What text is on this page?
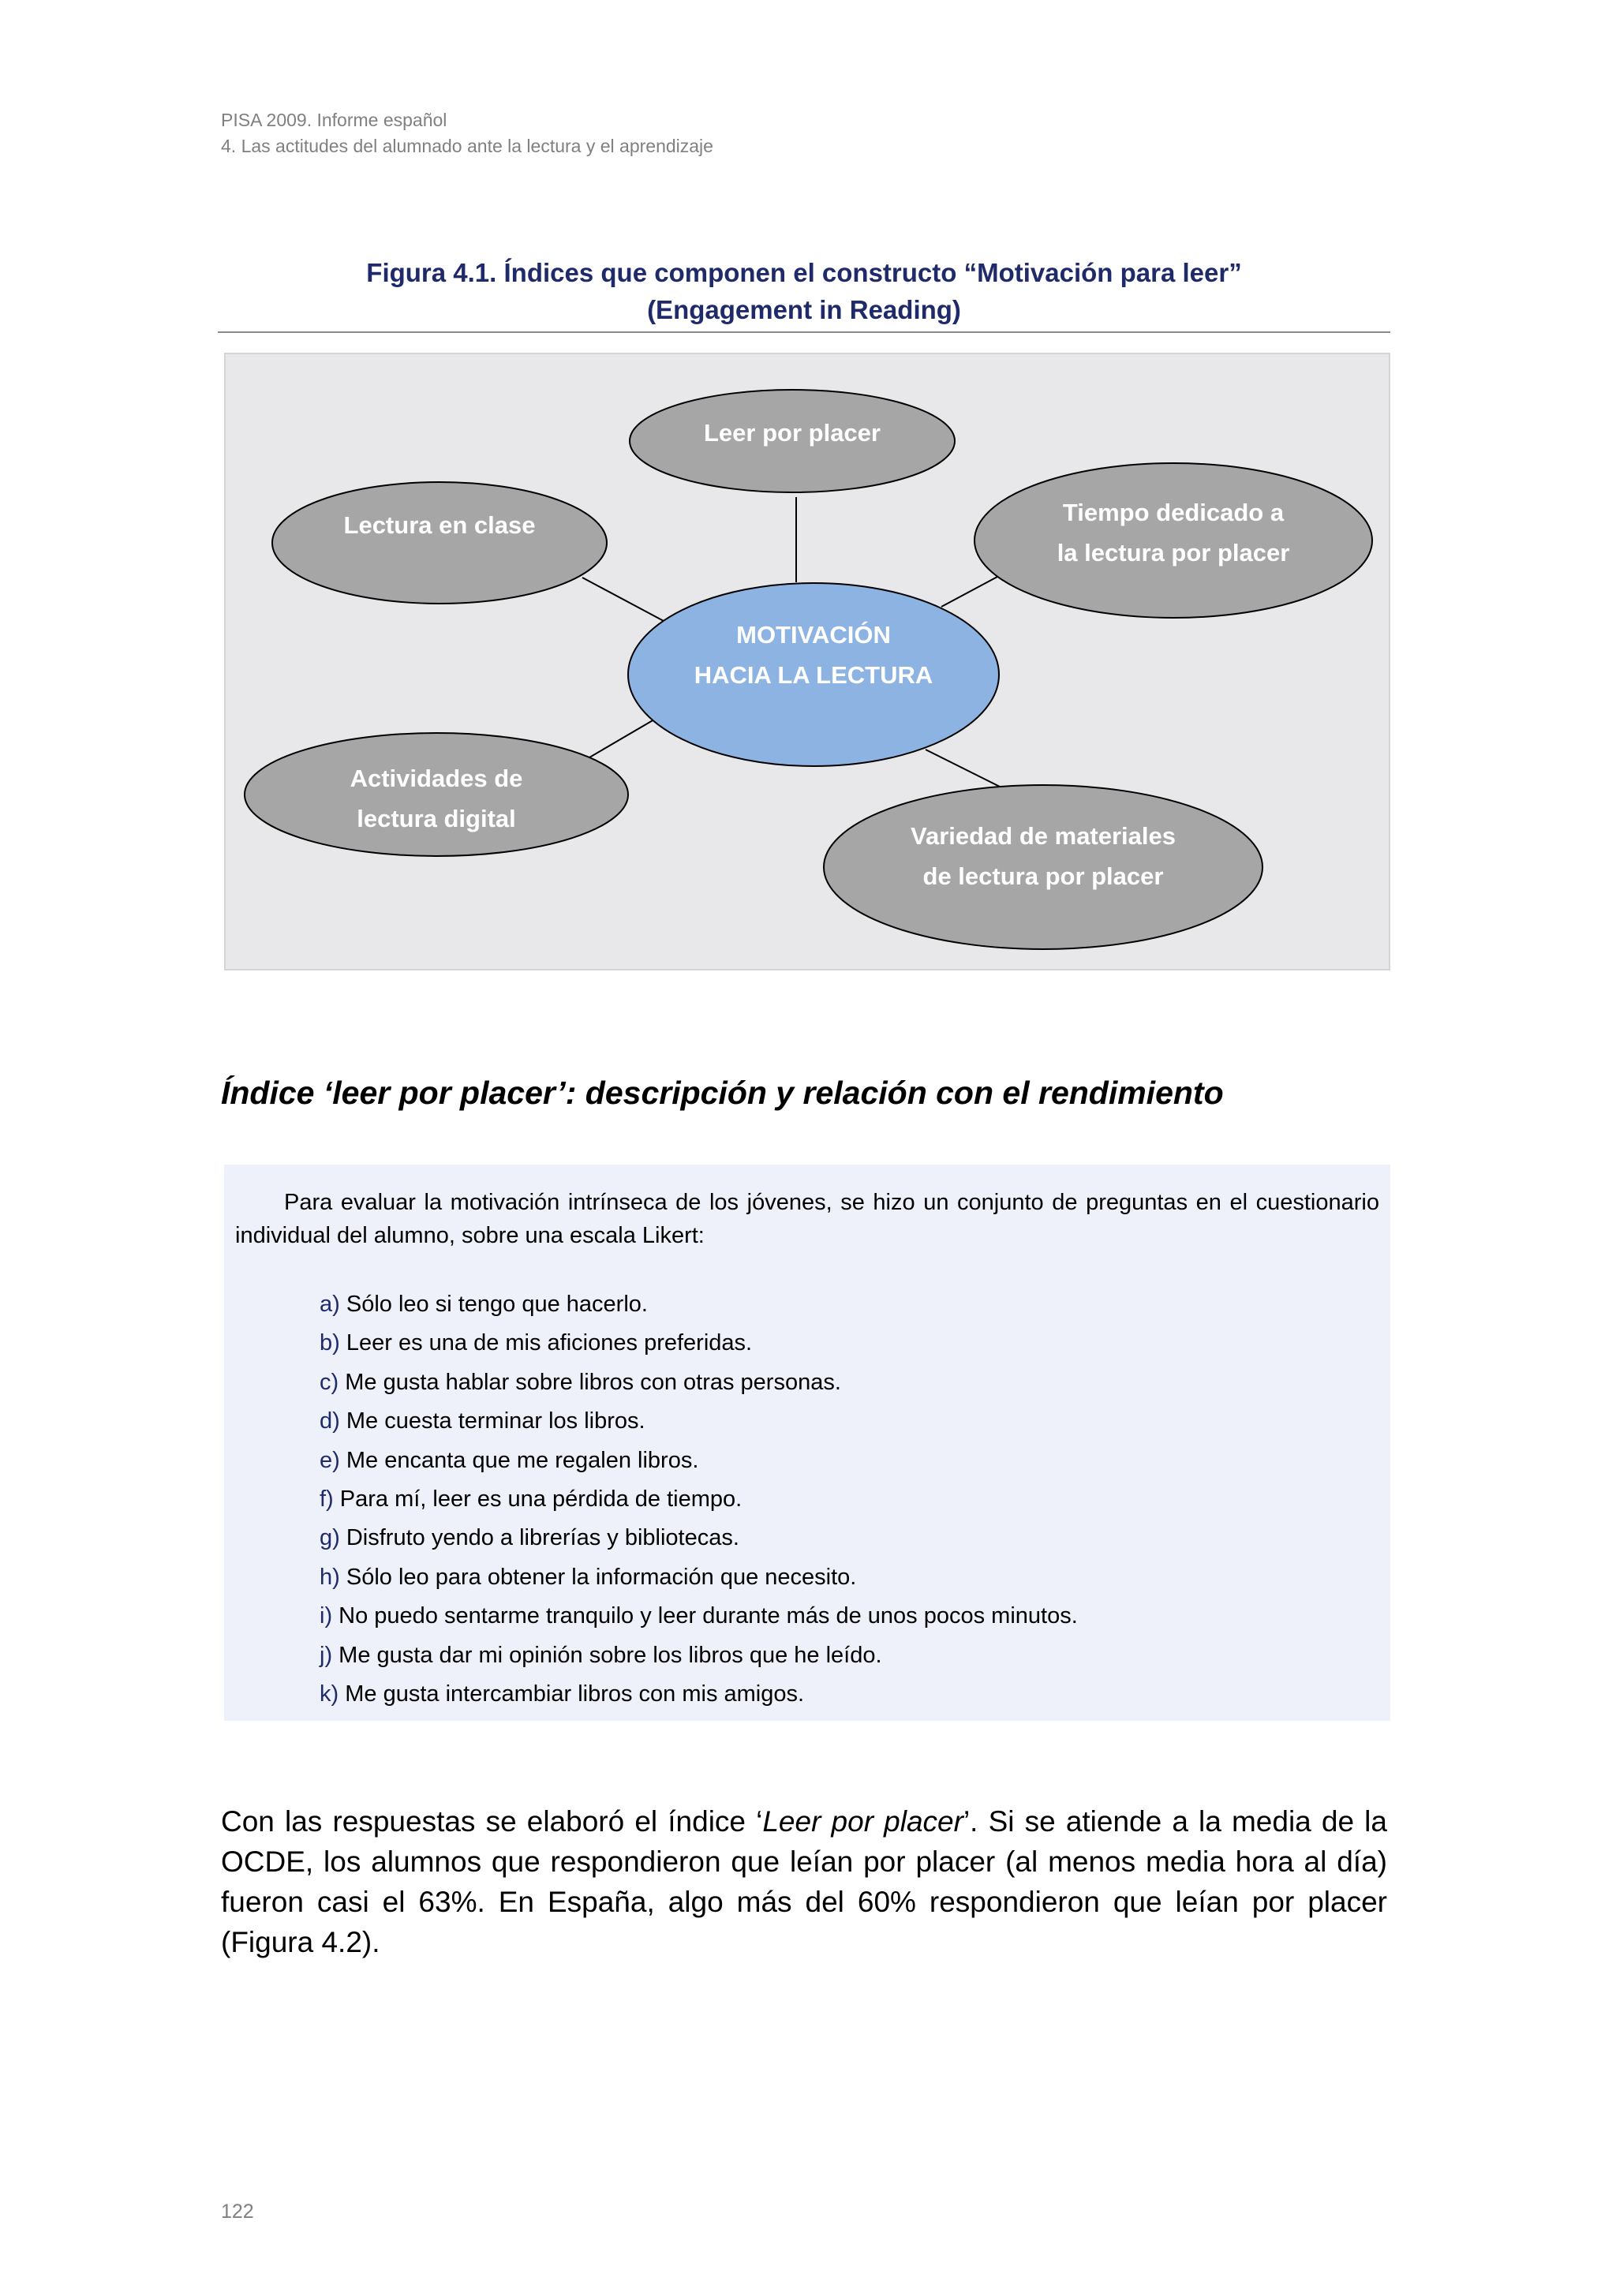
PISA 2009. Informe español
4. Las actitudes del alumnado ante la lectura y el aprendizaje
Figura 4.1. Índices que componen el constructo “Motivación para leer”
(Engagement in Reading)
MOTIVACIÓN
HACIA LA LECTURA
Leer por placer
Lectura en clase	Tiempo dedicado a
la lectura por placer
Actividades de
lectura digital
Variedad de materiales
de lectura por placer
Índice ‘leer por placer’: descripción y relación con el rendimiento

Para evaluar la motivación intrínseca de los jóvenes, se hizo un conjunto de preguntas en el cuestionario individual del alumno, sobre una escala Likert:

a) Sólo leo si tengo que hacerlo.
b) Leer es una de mis aficiones preferidas.
c) Me gusta hablar sobre libros con otras personas.
d) Me cuesta terminar los libros.
e) Me encanta que me regalen libros.
f) Para mí, leer es una pérdida de tiempo.
g) Disfruto yendo a librerías y bibliotecas.
h) Sólo leo para obtener la información que necesito.
i) No puedo sentarme tranquilo y leer durante más de unos pocos minutos.
j) Me gusta dar mi opinión sobre los libros que he leído.
k) Me gusta intercambiar libros con mis amigos.

Con las respuestas se elaboró el índice ‘Leer por placer’. Si se atiende a la media de la OCDE, los alumnos que respondieron que leían por placer (al menos media hora al día) fueron casi el 63%. En España, algo más del 60% respondieron que leían por placer (Figura 4.2).

122
